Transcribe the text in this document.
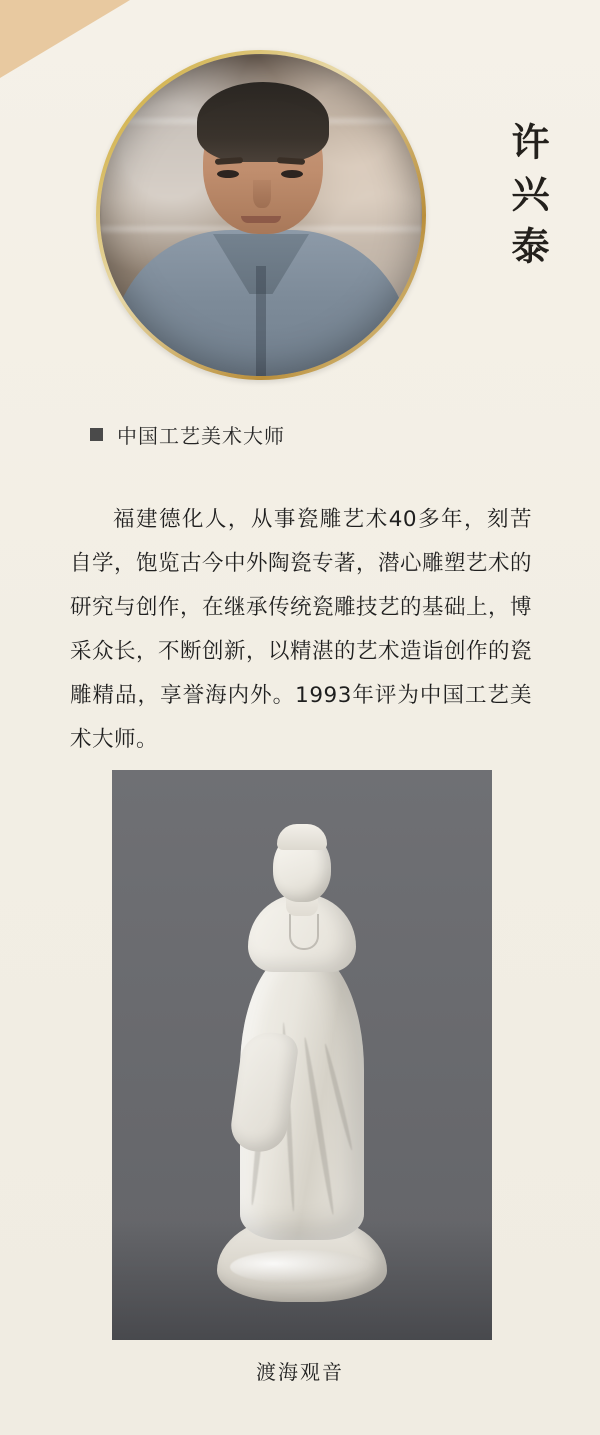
许兴泰
中国工艺美术大师
福建德化人，从事瓷雕艺术40多年，刻苦自学，饱览古今中外陶瓷专著，潜心雕塑艺术的研究与创作，在继承传统瓷雕技艺的基础上，博采众长，不断创新，以精湛的艺术造诣创作的瓷雕精品，享誉海内外。1993年评为中国工艺美术大师。
渡海观音
